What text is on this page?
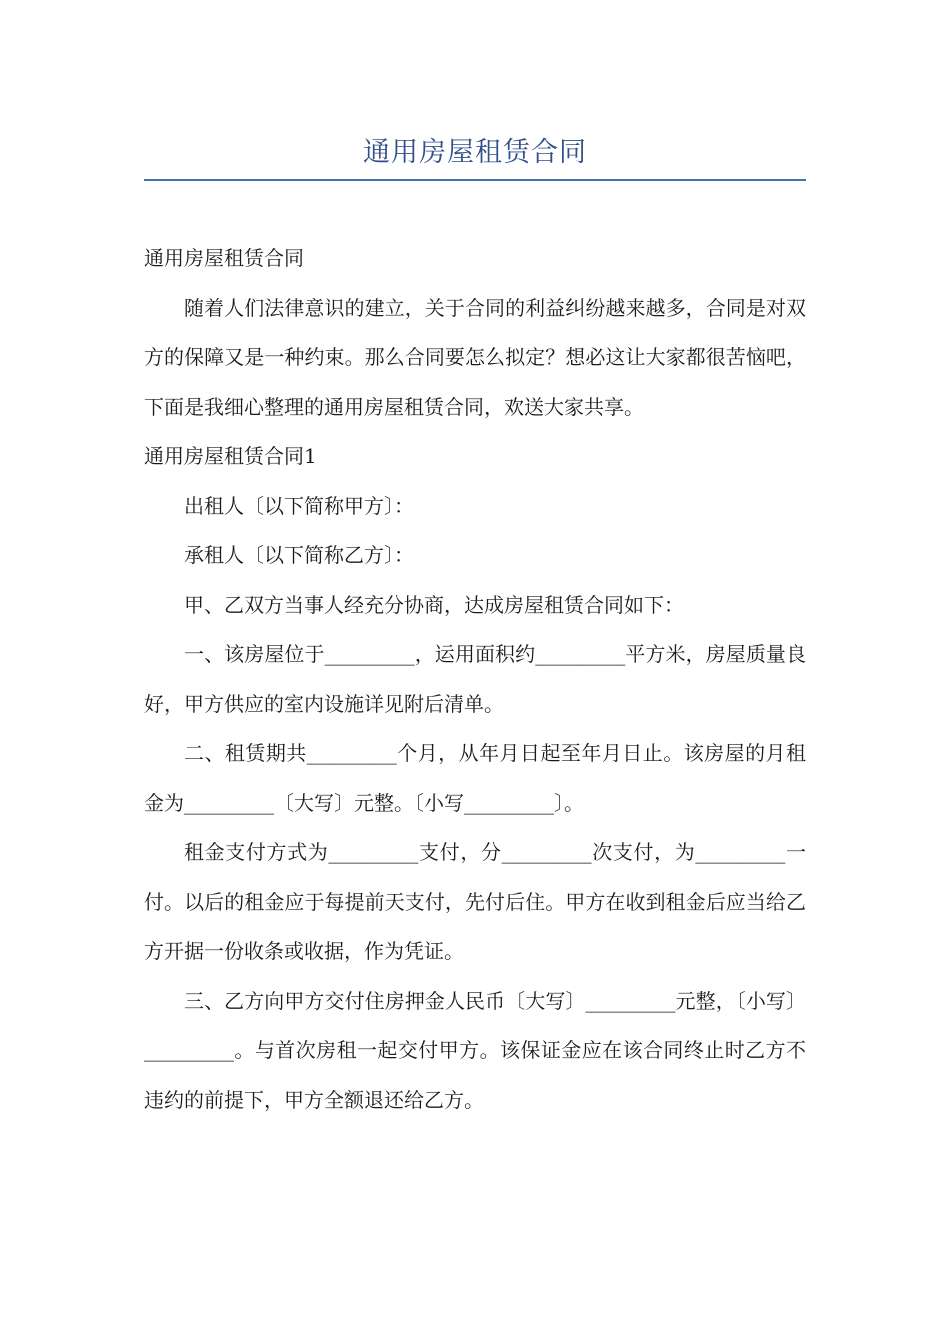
通用房屋租赁合同

通用房屋租赁合同

随着人们法律意识的建立，关于合同的利益纠纷越来越多，合同是对双方的保障又是一种约束。那么合同要怎么拟定？想必这让大家都很苦恼吧，下面是我细心整理的通用房屋租赁合同，欢送大家共享。

通用房屋租赁合同1

出租人〔以下简称甲方〕：

承租人〔以下简称乙方〕：

甲、乙双方当事人经充分协商，达成房屋租赁合同如下：

一、该房屋位于_________，运用面积约_________平方米，房屋质量良好，甲方供应的室内设施详见附后清单。

二、租赁期共_________个月，从年月日起至年月日止。该房屋的月租金为_________〔大写〕元整。〔小写_________〕。

租金支付方式为_________支付，分_________次支付，为_________一付。以后的租金应于每提前天支付，先付后住。甲方在收到租金后应当给乙方开据一份收条或收据，作为凭证。

三、乙方向甲方交付住房押金人民币〔大写〕_________元整，〔小写〕_________。与首次房租一起交付甲方。该保证金应在该合同终止时乙方不违约的前提下，甲方全额退还给乙方。
